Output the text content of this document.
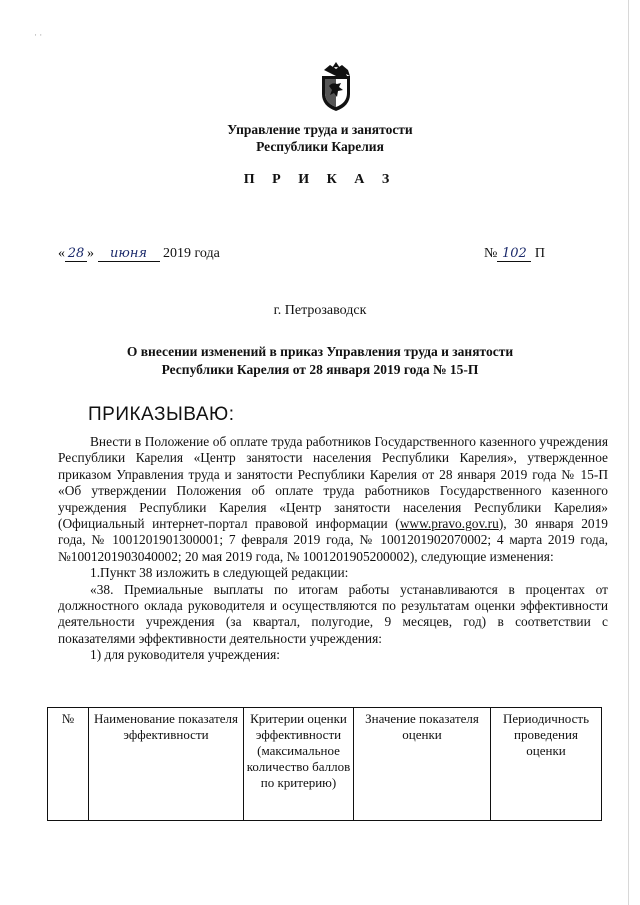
· ·
Управление труда и занятости
Республики Карелия
П Р И К А З
« 28 » июня 2019 года	№ 102 П
г. Петрозаводск
О внесении изменений в приказ Управления труда и занятости
Республики Карелия от 28 января 2019 года № 15-П
ПРИКАЗЫВАЮ:

Внести в Положение об оплате труда работников Государственного казенного учреждения Республики Карелия «Центр занятости населения Республики Карелия», утвержденное приказом Управления труда и занятости Республики Карелия от 28 января 2019 года № 15-П «Об утверждении Положения об оплате труда работников Государственного казенного учреждения Республики Карелия «Центр занятости населения Республики Карелия» (Официальный интернет-портал правовой информации (www.pravo.gov.ru), 30 января 2019 года, № 1001201901300001; 7 февраля 2019 года, № 1001201902070002; 4 марта 2019 года, №1001201903040002; 20 мая 2019 года, № 1001201905200002), следующие изменения:

1.Пункт 38 изложить в следующей редакции:

«38. Премиальные выплаты по итогам работы устанавливаются в процентах от должностного оклада руководителя и осуществляются по результатам оценки эффективности деятельности учреждения (за квартал, полугодие, 9 месяцев, год) в соответствии с показателями эффективности деятельности учреждения:

1) для руководителя учреждения:

№	Наименование показателя эффективности	Критерии оценки эффективности (максимальное количество баллов по критерию)	Значение показателя оценки	Периодичность проведения оценки
